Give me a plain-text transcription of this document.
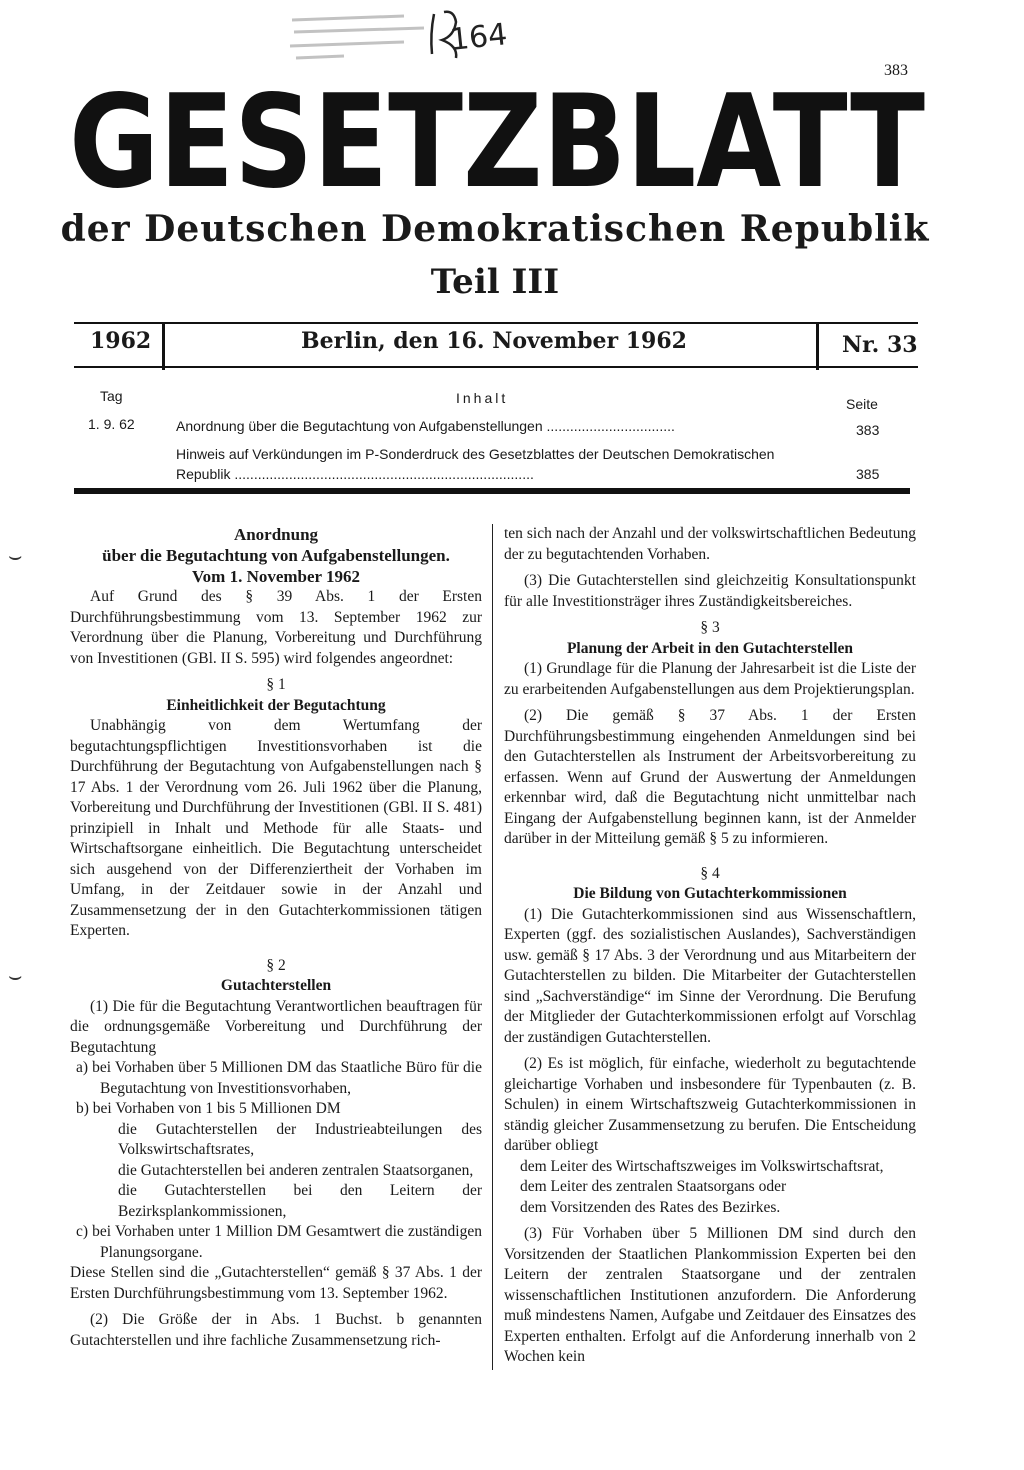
164
383
GESETZBLATT
der Deutschen Demokratischen Republik
Teil III
1962	Berlin, den 16. November 1962	Nr. 33
Tag	Inhalt	Seite
1. 9. 62	Anordnung über die Begutachtung von Aufgabenstellungen .................................	383
Hinweis auf Verkündungen im P-Sonderdruck des Gesetzblattes der Deutschen Demokratischen Republik .............................................................................	385

Anordnung

über die Begutachtung von Aufgabenstellungen.

Vom 1. November 1962

Auf Grund des § 39 Abs. 1 der Ersten Durchführungsbestimmung vom 13. September 1962 zur Verordnung über die Planung, Vorbereitung und Durchführung von Investitionen (GBl. II S. 595) wird folgendes angeordnet:

§ 1

Einheitlichkeit der Begutachtung

Unabhängig von dem Wertumfang der begutachtungspflichtigen Investitionsvorhaben ist die Durchführung der Begutachtung von Aufgabenstellungen nach § 17 Abs. 1 der Verordnung vom 26. Juli 1962 über die Planung, Vorbereitung und Durchführung der Investitionen (GBl. II S. 481) prinzipiell in Inhalt und Methode für alle Staats- und Wirtschaftsorgane einheitlich. Die Begutachtung unterscheidet sich ausgehend von der Differenziertheit der Vorhaben im Umfang, in der Zeitdauer sowie in der Anzahl und Zusammensetzung der in den Gutachterkommissionen tätigen Experten.

§ 2

Gutachterstellen

(1) Die für die Begutachtung Verantwortlichen beauftragen für die ordnungsgemäße Vorbereitung und Durchführung der Begutachtung

a) bei Vorhaben über 5 Millionen DM das Staatliche Büro für die Begutachtung von Investitionsvorhaben,

b) bei Vorhaben von 1 bis 5 Millionen DM

die Gutachterstellen der Industrieabteilungen des Volkswirtschaftsrates,

die Gutachterstellen bei anderen zentralen Staatsorganen,

die Gutachterstellen bei den Leitern der Bezirksplankommissionen,

c) bei Vorhaben unter 1 Million DM Gesamtwert die zuständigen Planungsorgane.

Diese Stellen sind die „Gutachterstellen“ gemäß § 37 Abs. 1 der Ersten Durchführungsbestimmung vom 13. September 1962.

(2) Die Größe der in Abs. 1 Buchst. b genannten Gutachterstellen und ihre fachliche Zusammensetzung rich-

ten sich nach der Anzahl und der volkswirtschaftlichen Bedeutung der zu begutachtenden Vorhaben.

(3) Die Gutachterstellen sind gleichzeitig Konsultationspunkt für alle Investitionsträger ihres Zuständigkeitsbereiches.

§ 3

Planung der Arbeit in den Gutachterstellen

(1) Grundlage für die Planung der Jahresarbeit ist die Liste der zu erarbeitenden Aufgabenstellungen aus dem Projektierungsplan.

(2) Die gemäß § 37 Abs. 1 der Ersten Durchführungsbestimmung eingehenden Anmeldungen sind bei den Gutachterstellen als Instrument der Arbeitsvorbereitung zu erfassen. Wenn auf Grund der Auswertung der Anmeldungen erkennbar wird, daß die Begutachtung nicht unmittelbar nach Eingang der Aufgabenstellung beginnen kann, ist der Anmelder darüber in der Mitteilung gemäß § 5 zu informieren.

§ 4

Die Bildung von Gutachterkommissionen

(1) Die Gutachterkommissionen sind aus Wissenschaftlern, Experten (ggf. des sozialistischen Auslandes), Sachverständigen usw. gemäß § 17 Abs. 3 der Verordnung und aus Mitarbeitern der Gutachterstellen zu bilden. Die Mitarbeiter der Gutachterstellen sind „Sachverständige“ im Sinne der Verordnung. Die Berufung der Mitglieder der Gutachterkommissionen erfolgt auf Vorschlag der zuständigen Gutachterstellen.

(2) Es ist möglich, für einfache, wiederholt zu begutachtende gleichartige Vorhaben und insbesondere für Typenbauten (z. B. Schulen) in einem Wirtschaftszweig Gutachterkommissionen in ständig gleicher Zusammensetzung zu berufen. Die Entscheidung darüber obliegt

dem Leiter des Wirtschaftszweiges im Volkswirtschaftsrat,

dem Leiter des zentralen Staatsorgans oder

dem Vorsitzenden des Rates des Bezirkes.

(3) Für Vorhaben über 5 Millionen DM sind durch den Vorsitzenden der Staatlichen Plankommission Experten bei den Leitern der zentralen Staatsorgane und der zentralen wissenschaftlichen Institutionen anzufordern. Die Anforderung muß mindestens Namen, Aufgabe und Zeitdauer des Einsatzes des Experten enthalten. Erfolgt auf die Anforderung innerhalb von 2 Wochen kein

⌣
⌣
